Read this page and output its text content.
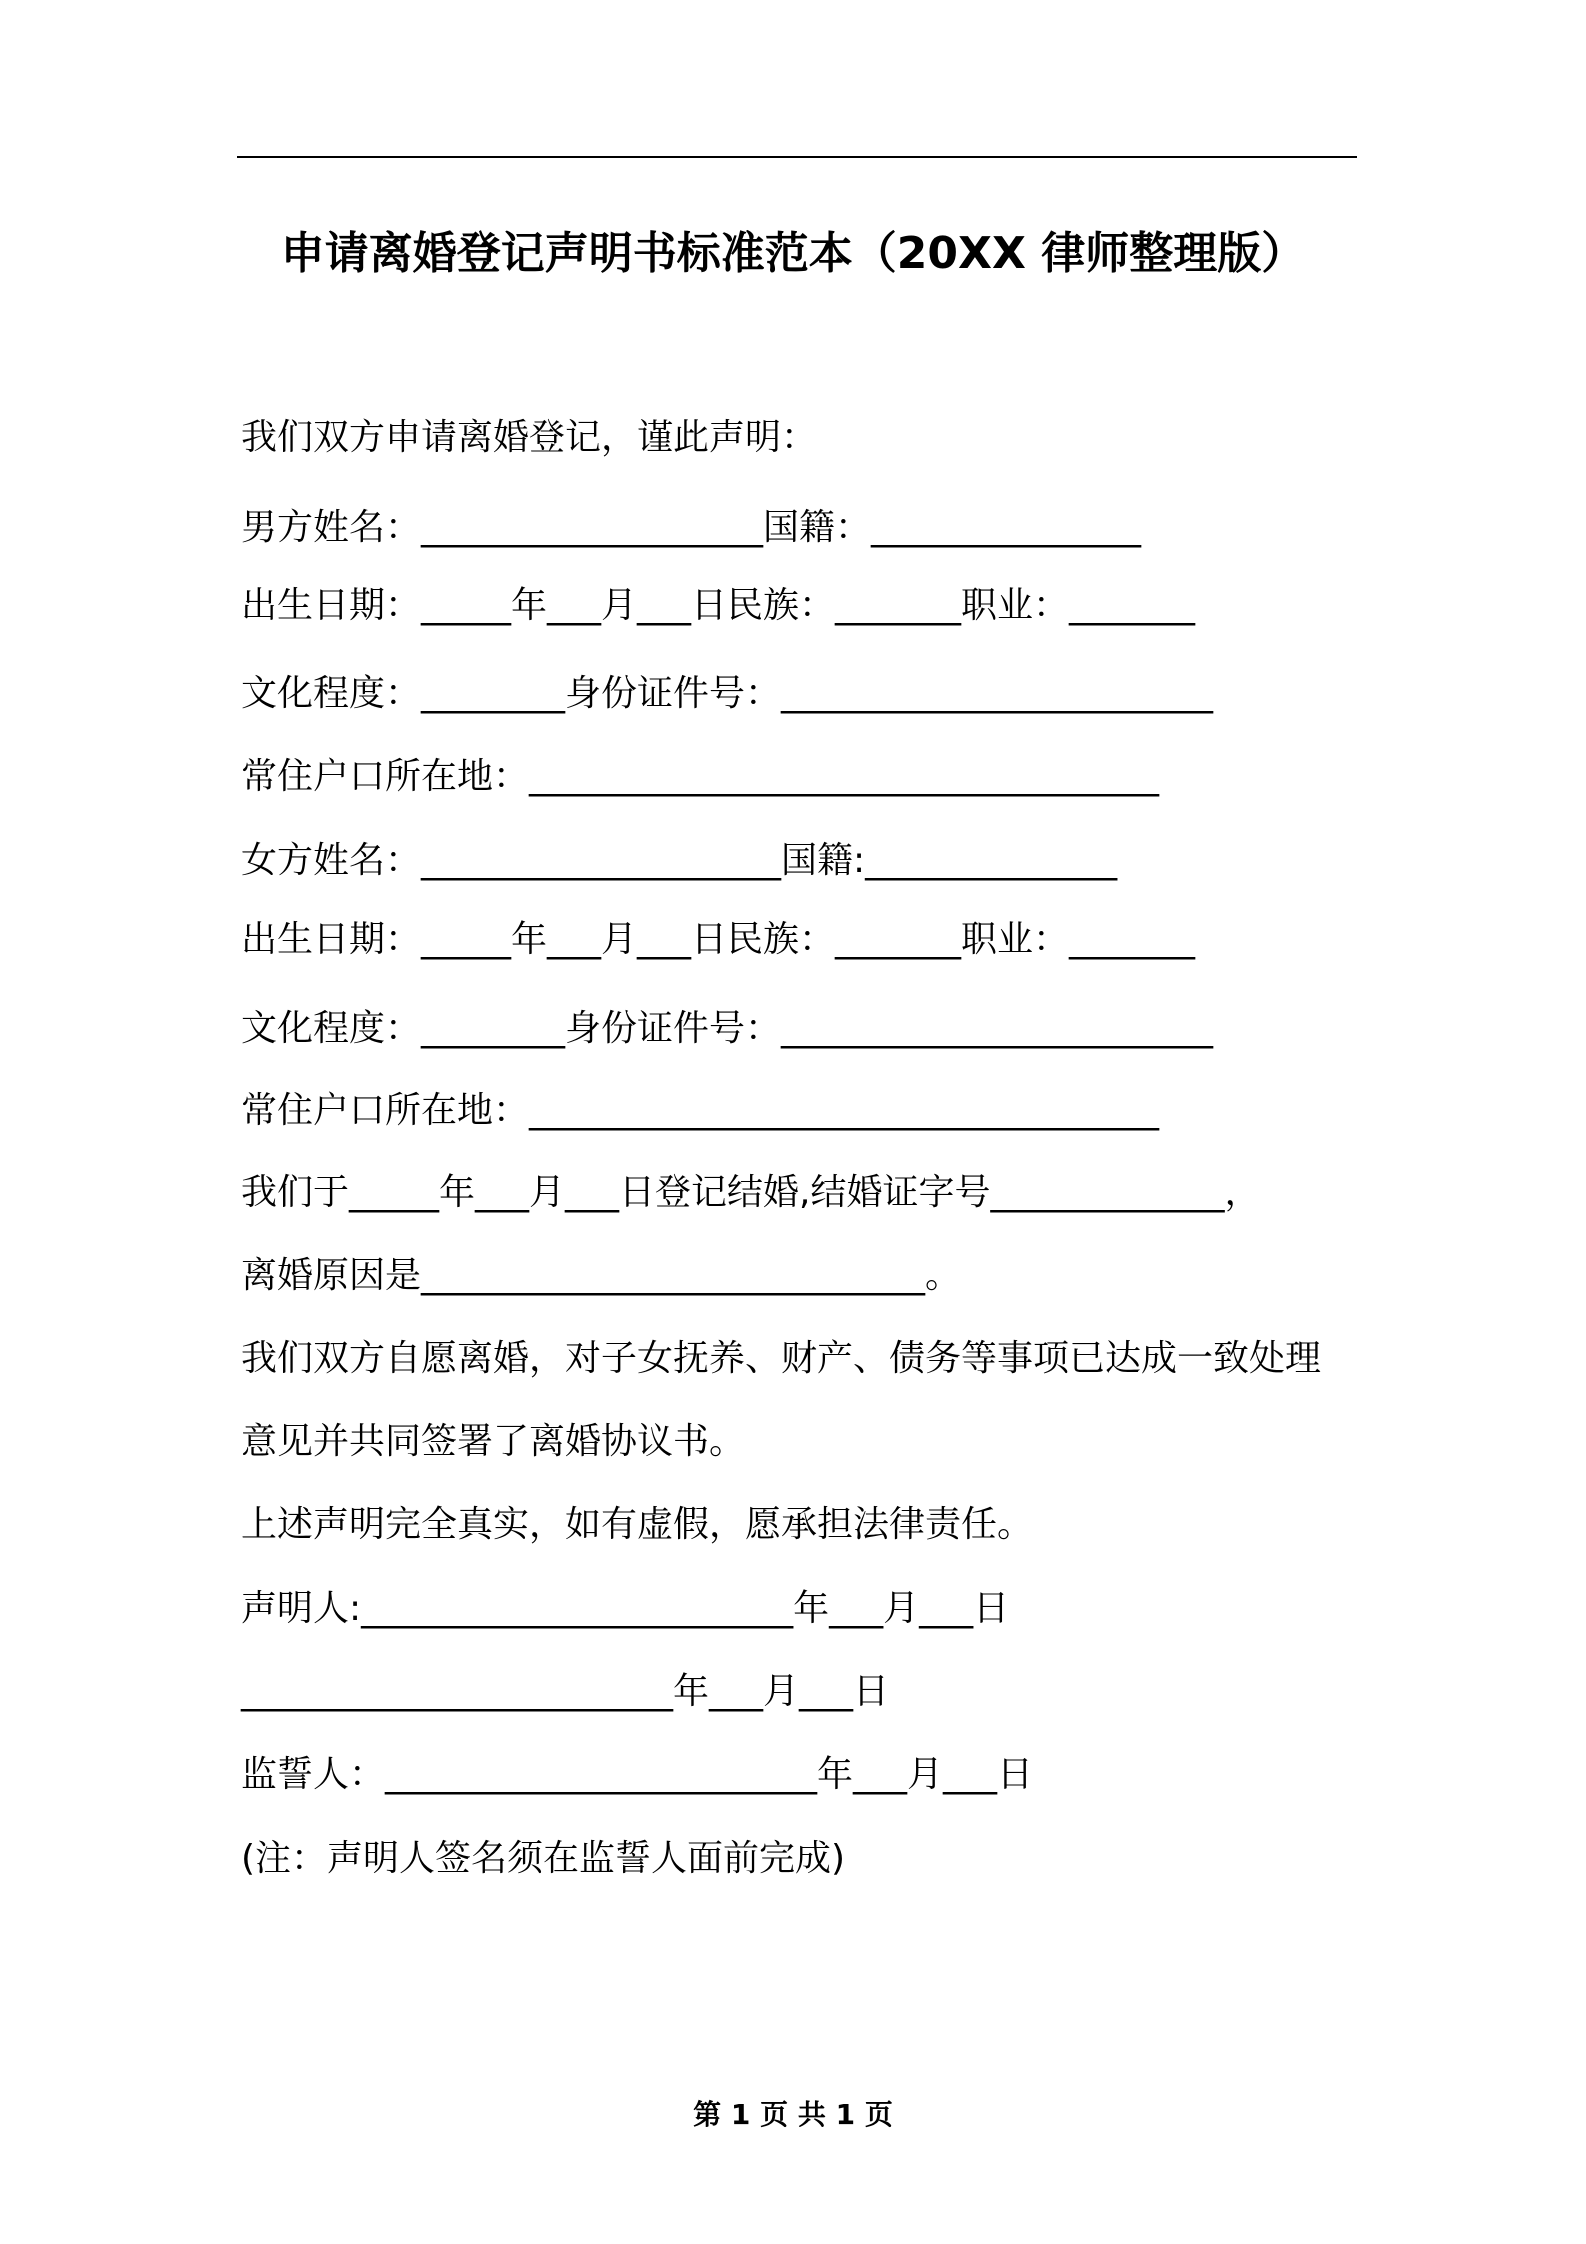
申请离婚登记声明书标准范本（20XX 律师整理版）
我们双方申请离婚登记，谨此声明：
男方姓名：___________________国籍：_______________
出生日期：_____年___月___日民族：_______职业：_______
文化程度：________身份证件号：________________________
常住户口所在地：___________________________________
女方姓名：____________________国籍:______________
出生日期：_____年___月___日民族：_______职业：_______
文化程度：________身份证件号：________________________
常住户口所在地：___________________________________
我们于_____年___月___日登记结婚,结婚证字号_____________，
离婚原因是____________________________。
我们双方自愿离婚，对子女抚养、财产、债务等事项已达成一致处理
意见并共同签署了离婚协议书。
上述声明完全真实，如有虚假，愿承担法律责任。
声明人:________________________年___月___日
________________________年___月___日
监誓人：________________________年___月___日
(注：声明人签名须在监誓人面前完成)
第 1 页 共 1 页
